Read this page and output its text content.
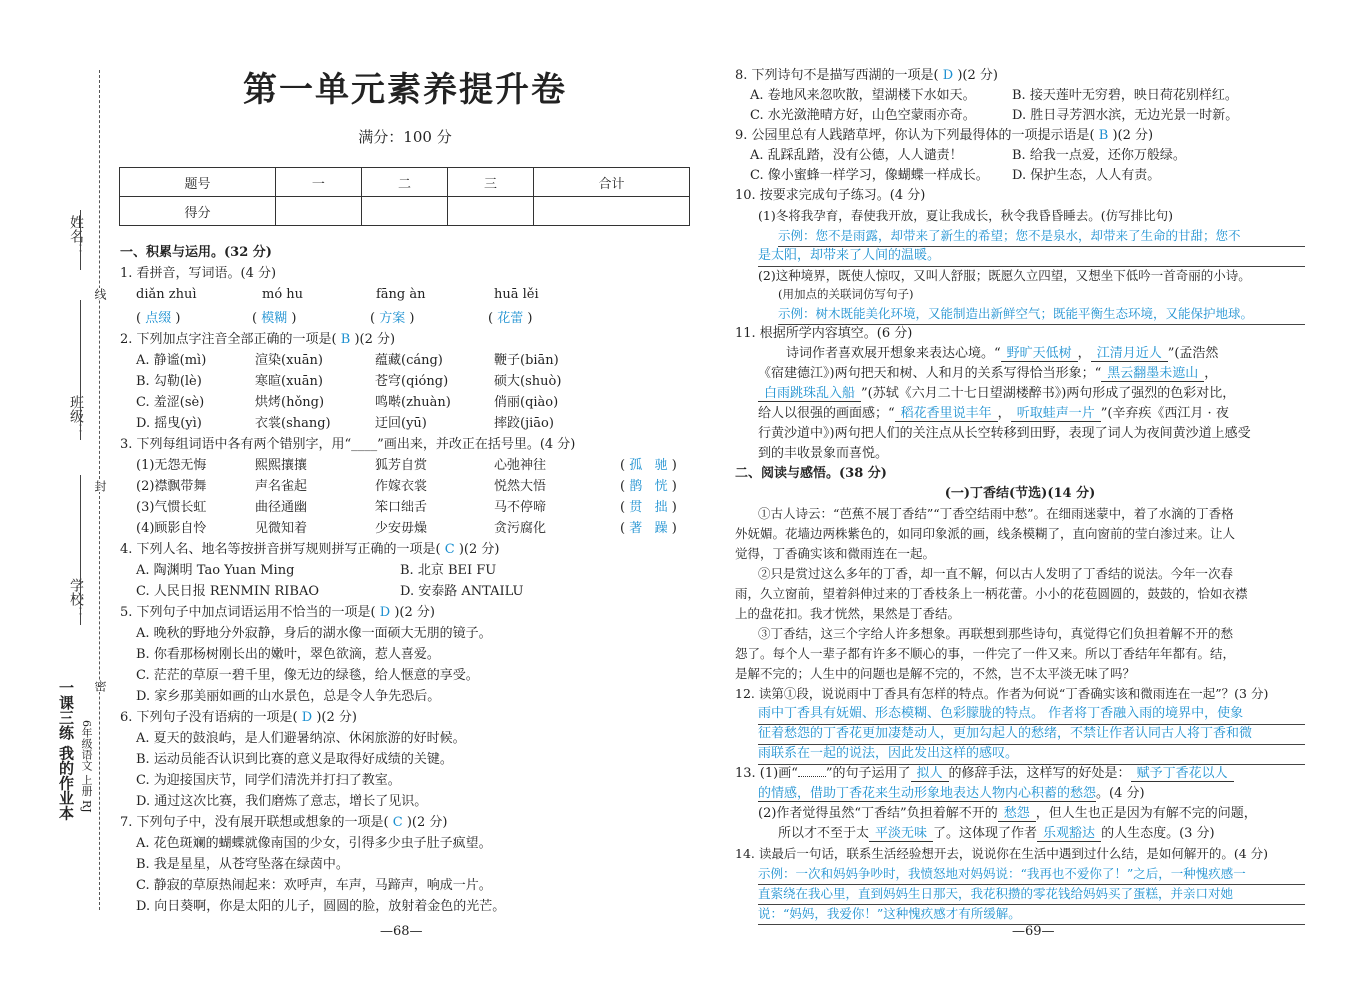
姓名：
班级：
学校：
线
封
密
一课三练 我的作业本 6年级语文 上册 RJ
第一单元素养提升卷
满分：100 分
题号	一	二	三	合计
得分				
一、积累与运用。(32 分)
1. 看拼音，写词语。(4 分)
diǎn zhuì	mó hu	fāng àn	huā lěi
( 点缀 )	( 模糊 )	( 方案 )	( 花蕾 )
2. 下列加点字注音全部正确的一项是( B )(2 分)
A. 静谧(mì)	渲染(xuān)	蕴藏(cáng)	鞭子(biān)
B. 勾勒(lè)	寒暄(xuān)	苍穹(qióng)	硕大(shuò)
C. 羞涩(sè)	烘烤(hǒng)	鸣啭(zhuàn)	俏丽(qiào)
D. 摇曳(yì)	衣裳(shang)	迂回(yū)	摔跤(jiāo)
3. 下列每组词语中各有两个错别字，用“____”画出来，并改正在括号里。(4 分)
(1)无怨无悔	熙熙攘攘	狐芳自赏	心弛神往	( 孤 驰 )
(2)襟飘带舞	声名雀起	作嫁衣裳	悦然大悟	( 鹊 恍 )
(3)气惯长虹	曲径通幽	笨口绌舌	马不停啼	( 贯 拙 )
(4)顾影自怜	见微知着	少安毋燥	贪污腐化	( 著 躁 )
4. 下列人名、地名等按拼音拼写规则拼写正确的一项是( C )(2 分)
A. 陶渊明 Tao Yuan Ming	B. 北京 BEI FU
C. 人民日报 RENMIN RIBAO	D. 安泰路 ANTAILU
5. 下列句子中加点词语运用不恰当的一项是( D )(2 分)
A. 晚秋的野地分外寂静，身后的湖水像一面硕大无朋的镜子。
B. 你看那杨树刚长出的嫩叶，翠色欲滴，惹人喜爱。
C. 茫茫的草原一碧千里，像无边的绿毯，给人惬意的享受。
D. 家乡那美丽如画的山水景色，总是令人争先恐后。
6. 下列句子没有语病的一项是( D )(2 分)
A. 夏天的鼓浪屿，是人们避暑纳凉、休闲旅游的好时候。
B. 运动员能否认识到比赛的意义是取得好成绩的关键。
C. 为迎接国庆节，同学们清洗并打扫了教室。
D. 通过这次比赛，我们磨炼了意志，增长了见识。
7. 下列句子中，没有展开联想或想象的一项是( C )(2 分)
A. 花色斑斓的蝴蝶就像南国的少女，引得多少虫子肚子疯望。
B. 我是星星，从苍穹坠落在绿茵中。
C. 静寂的草原热闹起来：欢呼声，车声，马蹄声，响成一片。
D. 向日葵啊，你是太阳的儿子，圆圆的脸，放射着金色的光芒。
—68—
8. 下列诗句不是描写西湖的一项是( D )(2 分)
A. 卷地风来忽吹散，望湖楼下水如天。	B. 接天莲叶无穷碧，映日荷花别样红。
C. 水光潋滟晴方好，山色空蒙雨亦奇。	D. 胜日寻芳泗水滨，无边光景一时新。
9. 公园里总有人践踏草坪，你认为下列最得体的一项提示语是( B )(2 分)
A. 乱踩乱踏，没有公德，人人谴责！	B. 给我一点爱，还你万般绿。
C. 像小蜜蜂一样学习，像蝴蝶一样成长。 D. 保护生态，人人有责。
10. 按要求完成句子练习。(4 分)
(1)冬将我孕育，春使我开放，夏让我成长，秋令我昏昏睡去。(仿写排比句)
示例：您不是雨露，却带来了新生的希望；您不是泉水，却带来了生命的甘甜；您不
是太阳，却带来了人间的温暖。
(2)这种境界，既使人惊叹，又叫人舒服；既愿久立四望，又想坐下低吟一首奇丽的小诗。
(用加点的关联词仿写句子)
示例：树木既能美化环境，又能制造出新鲜空气；既能平衡生态环境，又能保护地球。
11. 根据所学内容填空。(6 分)
诗词作者喜欢展开想象来表达心境。“ 野旷天低树 ， 江清月近人 ”(孟浩然
《宿建德江》)两句把天和树、人和月的关系写得恰当形象；“ 黑云翻墨未遮山 ，
白雨跳珠乱入船 ”(苏轼《六月二十七日望湖楼醉书》)两句形成了强烈的色彩对比，
给人以很强的画面感；“ 稻花香里说丰年 ， 听取蛙声一片 ”(辛弃疾《西江月 · 夜
行黄沙道中》)两句把人们的关注点从长空转移到田野，表现了词人为夜间黄沙道上感受
到的丰收景象而喜悦。
二、阅读与感悟。(38 分)
(一)丁香结(节选)(14 分)
①古人诗云：“芭蕉不展丁香结”“丁香空结雨中愁”。在细雨迷蒙中，着了水滴的丁香格
外妩媚。花墙边两株紫色的，如同印象派的画，线条模糊了，直向窗前的莹白渗过来。让人
觉得，丁香确实该和微雨连在一起。
②只是赏过这么多年的丁香，却一直不解，何以古人发明了丁香结的说法。今年一次春
雨，久立窗前，望着斜伸过来的丁香枝条上一柄花蕾。小小的花苞圆圆的，鼓鼓的，恰如衣襟
上的盘花扣。我才恍然，果然是丁香结。
③丁香结，这三个字给人许多想象。再联想到那些诗句，真觉得它们负担着解不开的愁
怨了。每个人一辈子都有许多不顺心的事，一件完了一件又来。所以丁香结年年都有。结，
是解不完的；人生中的问题也是解不完的，不然，岂不太平淡无味了吗？
12. 读第①段，说说雨中丁香具有怎样的特点。作者为何说“丁香确实该和微雨连在一起”？(3 分)
雨中丁香具有妩媚、形态模糊、色彩朦胧的特点。 作者将丁香融入雨的境界中，使象
征着愁怨的丁香花更加凄楚动人，更加勾起人的愁绪，不禁让作者认同古人将丁香和微
雨联系在一起的说法，因此发出这样的感叹。
13. (1)画“ ”的句子运用了 拟人 的修辞手法，这样写的好处是： 赋予丁香花以人
的情感，借助丁香花来生动形象地表达人物内心积蓄的愁怨。(4 分)
(2)作者觉得虽然“丁香结”负担着解不开的 愁怨 ，但人生也正是因为有解不完的问题，
所以才不至于太 平淡无味 了。这体现了作者 乐观豁达 的人生态度。(3 分)
14. 读最后一句话，联系生活经验想开去，说说你在生活中遇到过什么结，是如何解开的。(4 分)
示例：一次和妈妈争吵时，我愤怒地对妈妈说：“我再也不爱你了！”之后，一种愧疚感一
直萦绕在我心里，直到妈妈生日那天，我花积攒的零花钱给妈妈买了蛋糕，并亲口对她
说：“妈妈，我爱你！”这种愧疚感才有所缓解。
—69—
